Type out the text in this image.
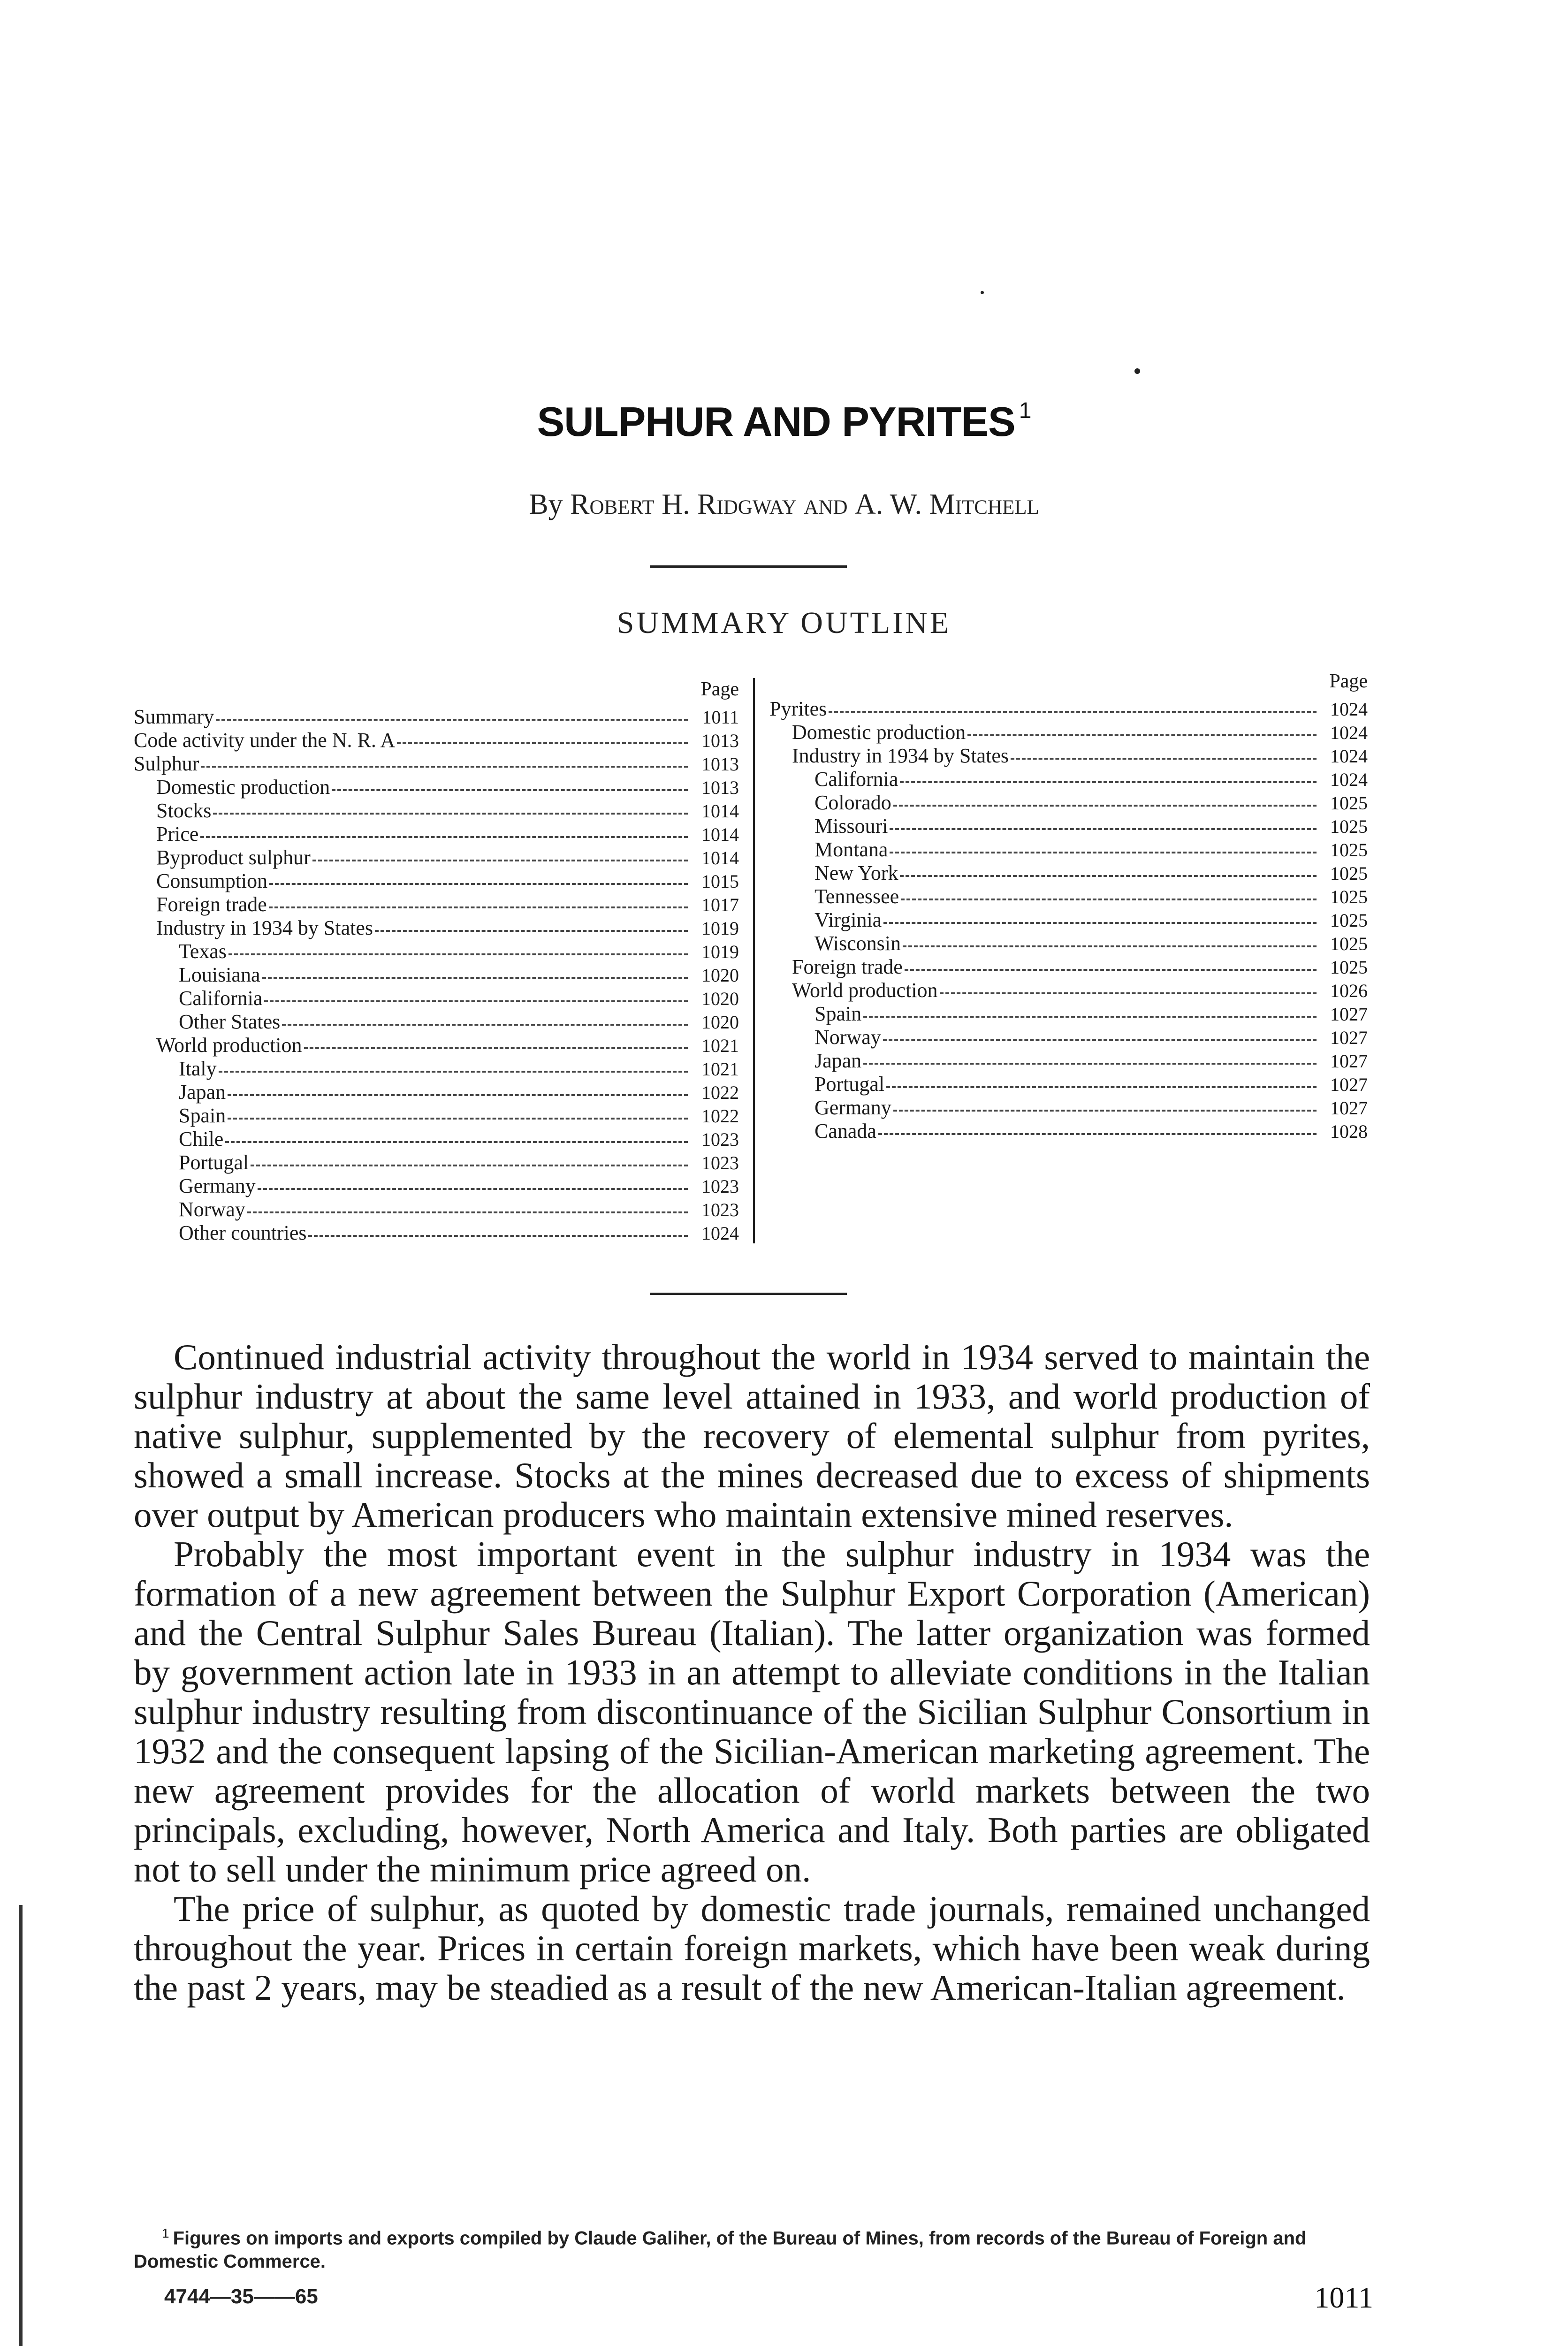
SULPHUR AND PYRITES $^1$
By Robert H. Ridgway and A. W. Mitchell
SUMMARY OUTLINE
Page
Summary	1011
Code activity under the N. R. A	1013
Sulphur	1013
Domestic production	1013
Stocks	1014
Price	1014
Byproduct sulphur	1014
Consumption	1015
Foreign trade	1017
Industry in 1934 by States	1019
Texas	1019
Louisiana	1020
California	1020
Other States	1020
World production	1021
Italy	1021
Japan	1022
Spain	1022
Chile	1023
Portugal	1023
Germany	1023
Norway	1023
Other countries	1024
Page
Pyrites	1024
Domestic production	1024
Industry in 1934 by States	1024
California	1024
Colorado	1025
Missouri	1025
Montana	1025
New York	1025
Tennessee	1025
Virginia	1025
Wisconsin	1025
Foreign trade	1025
World production	1026
Spain	1027
Norway	1027
Japan	1027
Portugal	1027
Germany	1027
Canada	1028

Continued industrial activity throughout the world in 1934 served to maintain the sulphur industry at about the same level attained in 1933, and world production of native sulphur, supplemented by the recovery of elemental sulphur from pyrites, showed a small increase. Stocks at the mines decreased due to excess of shipments over output by American producers who maintain extensive mined reserves.

Probably the most important event in the sulphur industry in 1934 was the formation of a new agreement between the Sulphur Export Corporation (American) and the Central Sulphur Sales Bureau (Italian). The latter organization was formed by government action late in 1933 in an attempt to alleviate conditions in the Italian sulphur industry resulting from discontinuance of the Sicilian Sulphur Consortium in 1932 and the consequent lapsing of the Sicilian-American marketing agreement. The new agreement provides for the allocation of world markets between the two principals, excluding, however, North America and Italy. Both parties are obligated not to sell under the minimum price agreed on.

The price of sulphur, as quoted by domestic trade journals, remained unchanged throughout the year. Prices in certain foreign markets, which have been weak during the past 2 years, may be steadied as a result of the new American-Italian agreement.

$^1$ Figures on imports and exports compiled by Claude Galiher, of the Bureau of Mines, from records of the Bureau of Foreign and Domestic Commerce.
4744—35——65	1011
